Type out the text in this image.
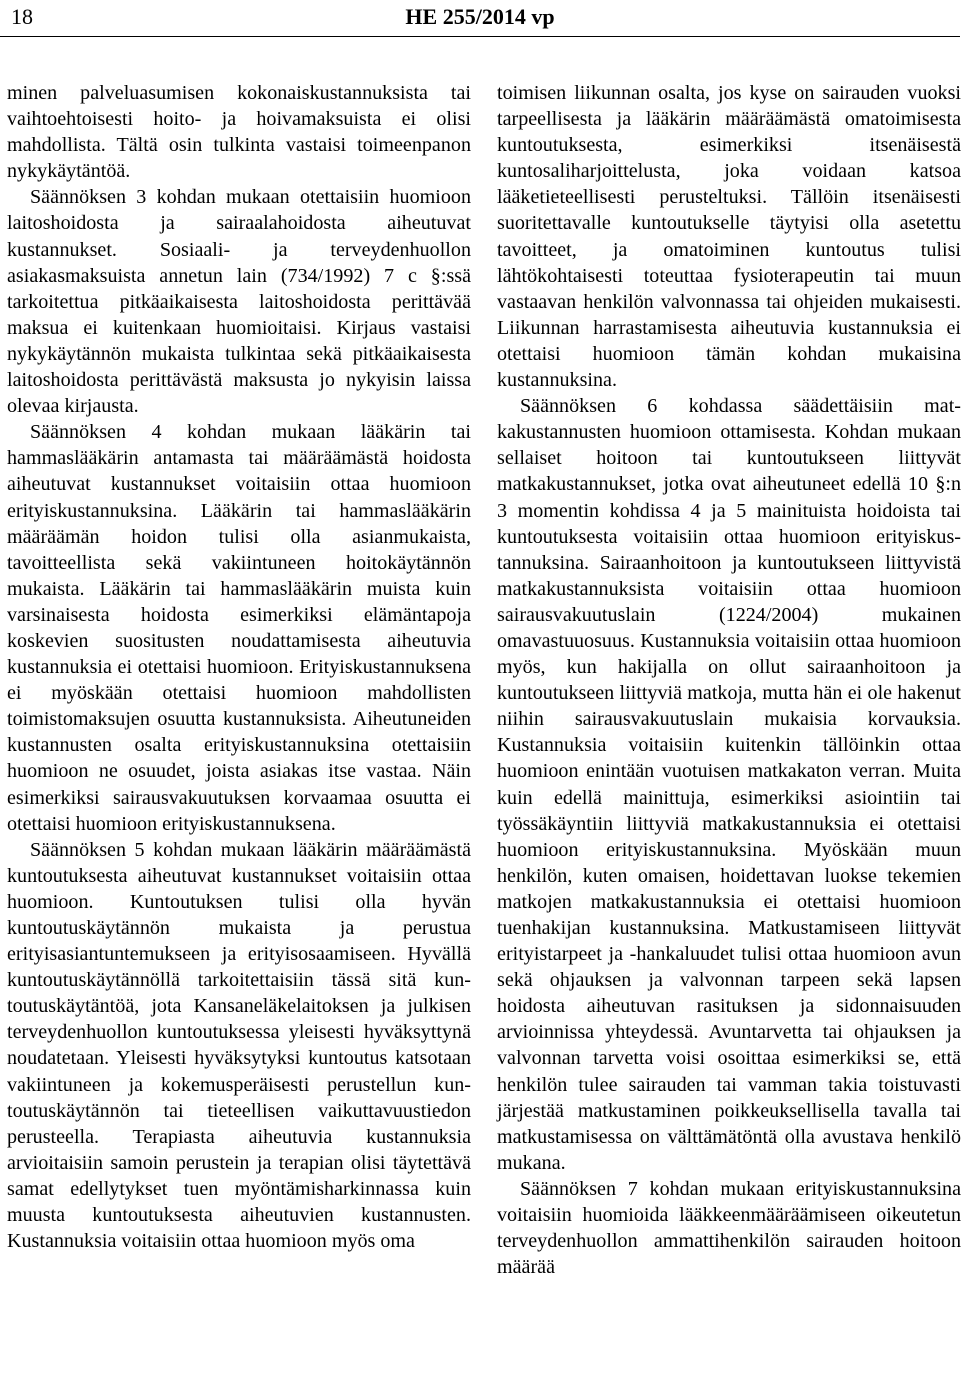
18	HE 255/2014 vp

minen palveluasumisen kokonaiskustannuksista tai vaihtoehtoisesti hoito- ja hoivamaksuista ei olisi mahdollista. Tältä osin tulkinta vastaisi toimeenpanon nykykäytäntöä.

Säännöksen 3 kohdan mukaan otettaisiin huomioon laitoshoidosta ja sairaalahoidosta aiheutuvat kustannukset. Sosiaali- ja terveydenhuollon asiakasmaksuista annetun lain (734/1992) 7 c §:ssä tarkoitettua pitkäaikaisesta laitoshoidosta perittävää maksua ei kuitenkaan huomioitaisi. Kirjaus vastaisi nykykäytännön mukaista tulkintaa sekä pitkäaikaisesta laitoshoidosta perittävästä maksusta jo nykyisin laissa olevaa kirjausta.

Säännöksen 4 kohdan mukaan lääkärin tai hammaslääkärin antamasta tai määräämästä hoidosta aiheutuvat kustannukset voitaisiin ottaa huomioon erityiskustannuksina. Lääkärin tai hammaslääkärin määräämän hoidon tulisi olla asianmukaista, tavoitteellista sekä vakiintuneen hoitokäytännön mukaista. Lääkärin tai hammaslääkärin muista kuin varsinaisesta hoidosta esimerkiksi elämäntapoja koskevien suositusten noudattamisesta aiheutuvia kustannuksia ei otettaisi huomioon. Erityiskustannuksena ei myöskään otettaisi huomioon mahdollisten toimistomaksujen osuutta kustannuksista. Aiheutuneiden kustannusten osalta erityiskustannuksina otettaisiin huomioon ne osuudet, joista asiakas itse vastaa. Näin esimerkiksi sairausvakuutuksen korvaamaa osuutta ei otettaisi huomioon erityiskustannuksena.

Säännöksen 5 kohdan mukaan lääkärin määräämästä kuntoutuksesta aiheutuvat kustannukset voitaisiin ottaa huomioon. Kuntoutuksen tulisi olla hyvän kuntoutuskäytännön mukaista ja perustua erityisasiantuntemukseen ja erityisosaamiseen. Hyvällä kuntoutuskäytännöllä tarkoitettaisiin tässä sitä kuntoutuskäytäntöä, jota Kansaneläkelaitoksen ja julkisen terveydenhuollon kuntoutuksessa yleisesti hyväksyttynä noudatetaan. Yleisesti hyväksytyksi kuntoutus katsotaan vakiintuneen ja kokemusperäisesti perustellun kuntoutuskäytännön tai tieteellisen vaikuttavuustiedon perusteella. Terapiasta aiheutuvia kustannuksia arvioitaisiin samoin perustein ja terapian olisi täytettävä samat edellytykset tuen myöntämisharkinnassa kuin muusta kuntoutuksesta aiheutuvien kustannusten. Kustannuksia voitaisiin ottaa huomioon myös oma

toimisen liikunnan osalta, jos kyse on sairauden vuoksi tarpeellisesta ja lääkärin määräämästä omatoimisesta kuntoutuksesta, esimerkiksi itsenäisestä kuntosaliharjoittelusta, joka voidaan katsoa lääketieteellisesti perusteltuksi. Tällöin itsenäisesti suoritettavalle kuntoutukselle täytyisi olla asetettu tavoitteet, ja omatoiminen kuntoutus tulisi lähtökohtaisesti toteuttaa fysioterapeutin tai muun vastaavan henkilön valvonnassa tai ohjeiden mukaisesti. Liikunnan harrastamisesta aiheutuvia kustannuksia ei otettaisi huomioon tämän kohdan mukaisina kustannuksina.

Säännöksen 6 kohdassa säädettäisiin matkakustannusten huomioon ottamisesta. Kohdan mukaan sellaiset hoitoon tai kuntoutukseen liittyvät matkakustannukset, jotka ovat aiheutuneet edellä 10 §:n 3 momentin kohdissa 4 ja 5 mainituista hoidoista tai kuntoutuksesta voitaisiin ottaa huomioon erityiskustannuksina. Sairaanhoitoon ja kuntoutukseen liittyvistä matkakustannuksista voitaisiin ottaa huomioon sairausvakuutuslain (1224/2004) mukainen omavastuuosuus. Kustannuksia voitaisiin ottaa huomioon myös, kun hakijalla on ollut sairaanhoitoon ja kuntoutukseen liittyviä matkoja, mutta hän ei ole hakenut niihin sairausvakuutuslain mukaisia korvauksia. Kustannuksia voitaisiin kuitenkin tällöinkin ottaa huomioon enintään vuotuisen matkakaton verran. Muita kuin edellä mainittuja, esimerkiksi asiointiin tai työssäkäyntiin liittyviä matkakustannuksia ei otettaisi huomioon erityiskustannuksina. Myöskään muun henkilön, kuten omaisen, hoidettavan luokse tekemien matkojen matkakustannuksia ei otettaisi huomioon tuenhakijan kustannuksina. Matkustamiseen liittyvät erityistarpeet ja -hankaluudet tulisi ottaa huomioon avun sekä ohjauksen ja valvonnan tarpeen sekä lapsen hoidosta aiheutuvan rasituksen ja sidonnaisuuden arvioinnissa yhteydessä. Avuntarvetta tai ohjauksen ja valvonnan tarvetta voisi osoittaa esimerkiksi se, että henkilön tulee sairauden tai vamman takia toistuvasti järjestää matkustaminen poikkeuksellisella tavalla tai matkustamisessa on välttämätöntä olla avustava henkilö mukana.

Säännöksen 7 kohdan mukaan erityiskustannuksina voitaisiin huomioida lääkkeenmääräämiseen oikeutetun terveydenhuollon ammattihenkilön sairauden hoitoon määrää
